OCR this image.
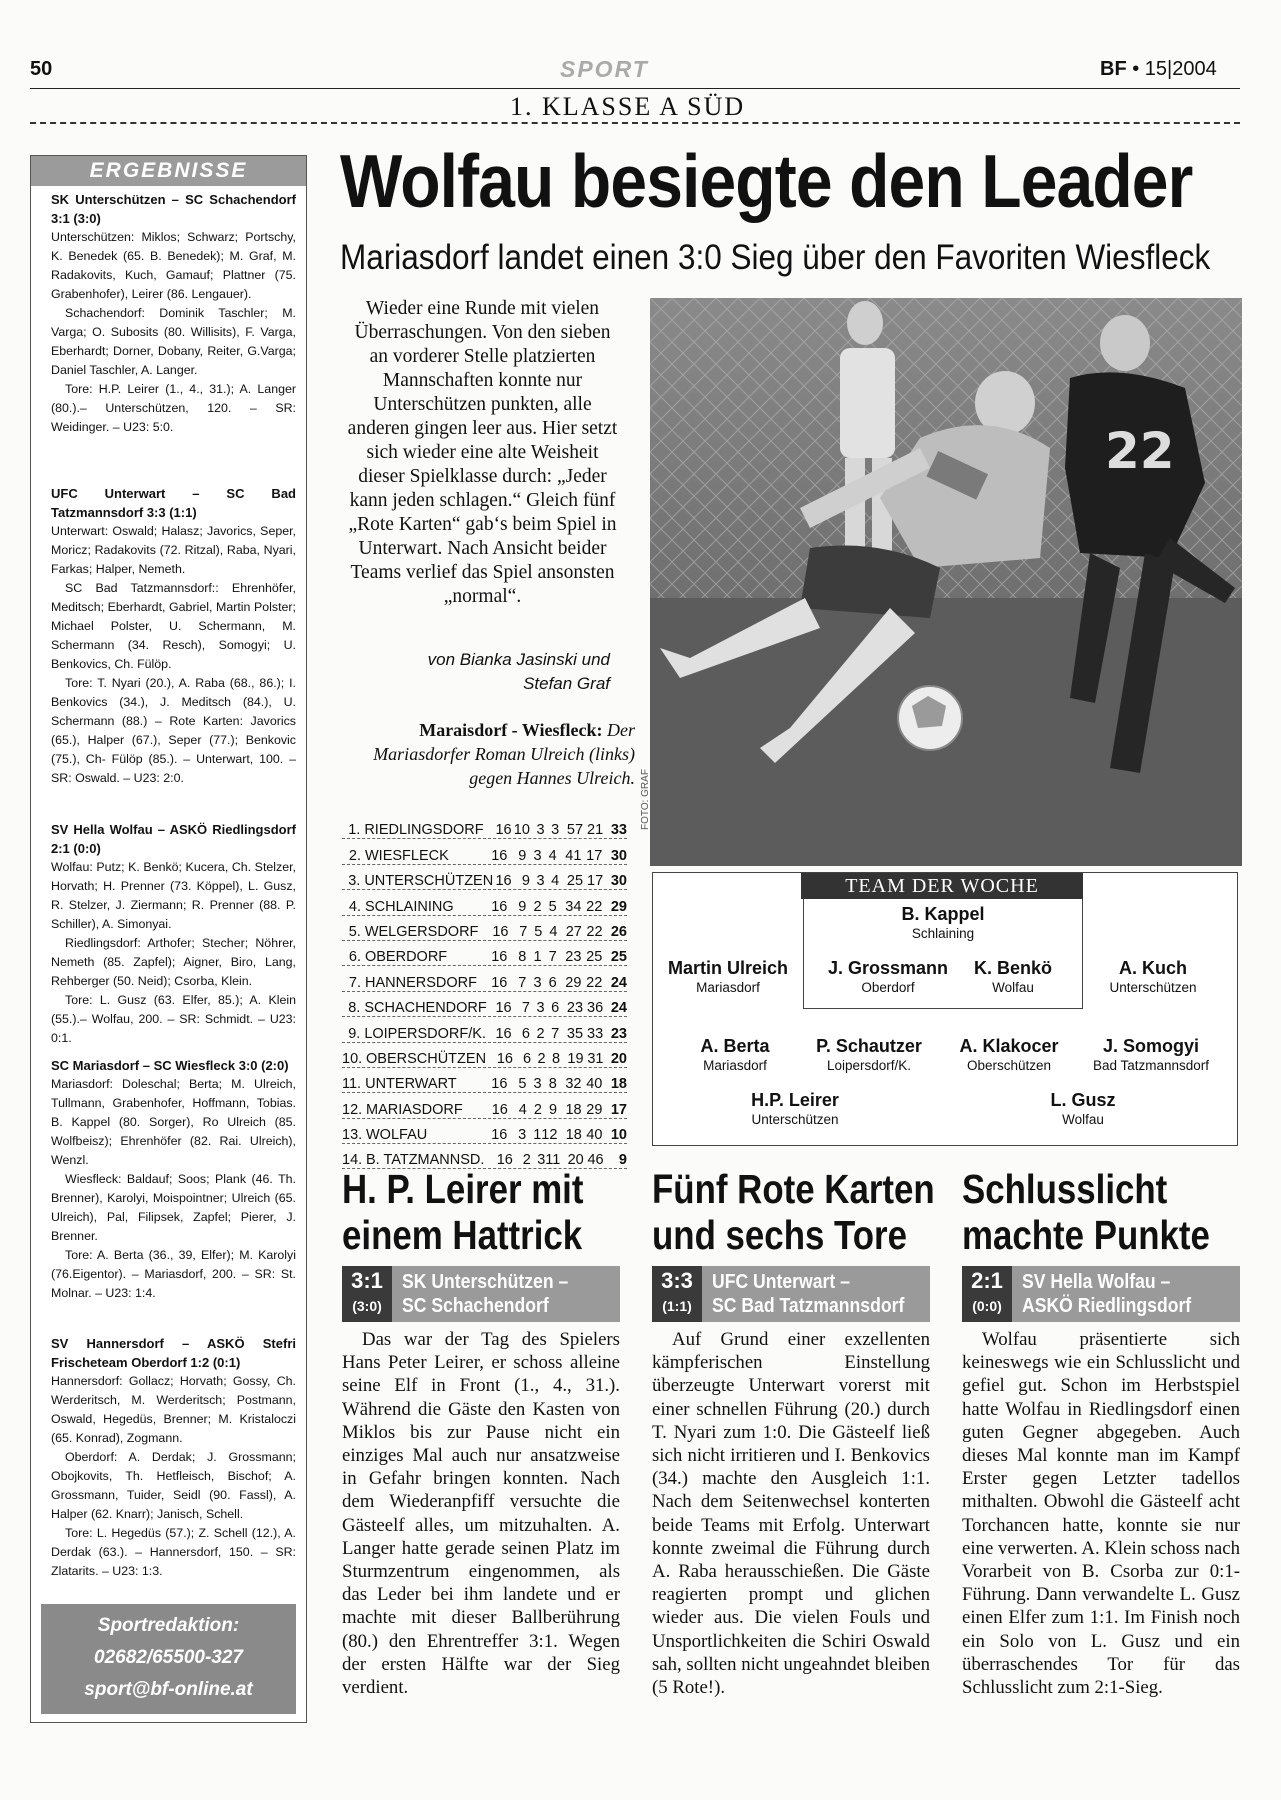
50	SPORT	BF • 15|2004
1. KLASSE A SÜD
ERGEBNISSE
SK Unterschützen – SC Schachendorf 3:1 (3:0)
Unterschützen: Miklos; Schwarz; Portschy, K. Benedek (65. B. Benedek); M. Graf, M. Radakovits, Kuch, Gamauf; Plattner (75. Grabenhofer), Leirer (86. Lengauer).
Schachendorf: Dominik Taschler; M. Varga; O. Subosits (80. Willisits), F. Varga, Eberhardt; Dorner, Dobany, Reiter, G.Varga; Daniel Taschler, A. Langer.
Tore: H.P. Leirer (1., 4., 31.); A. Langer (80.).– Unterschützen, 120. – SR: Weidinger. – U23: 5:0.
UFC Unterwart – SC Bad Tatzmannsdorf 3:3 (1:1)
Unterwart: Oswald; Halasz; Javorics, Seper, Moricz; Radakovits (72. Ritzal), Raba, Nyari, Farkas; Halper, Nemeth.
SC Bad Tatzmannsdorf:: Ehrenhöfer, Meditsch; Eberhardt, Gabriel, Martin Polster; Michael Polster, U. Schermann, M. Schermann (34. Resch), Somogyi; U. Benkovics, Ch. Fülöp.
Tore: T. Nyari (20.), A. Raba (68., 86.); I. Benkovics (34.), J. Meditsch (84.), U. Schermann (88.) – Rote Karten: Javorics (65.), Halper (67.), Seper (77.); Benkovic (75.), Ch- Fülöp (85.). – Unterwart, 100. – SR: Oswald. – U23: 2:0.
SV Hella Wolfau – ASKÖ Riedlingsdorf 2:1 (0:0)
Wolfau: Putz; K. Benkö; Kucera, Ch. Stelzer, Horvath; H. Prenner (73. Köppel), L. Gusz, R. Stelzer, J. Ziermann; R. Prenner (88. P. Schiller), A. Simonyai.
Riedlingsdorf: Arthofer; Stecher; Nöhrer, Nemeth (85. Zapfel); Aigner, Biro, Lang, Rehberger (50. Neid); Csorba, Klein.
Tore: L. Gusz (63. Elfer, 85.); A. Klein (55.).– Wolfau, 200. – SR: Schmidt. – U23: 0:1.
SC Mariasdorf – SC Wiesfleck 3:0 (2:0)
Mariasdorf: Doleschal; Berta; M. Ulreich, Tullmann, Grabenhofer, Hoffmann, Tobias. B. Kappel (80. Sorger), Ro Ulreich (85. Wolfbeisz); Ehrenhöfer (82. Rai. Ulreich), Wenzl.
Wiesfleck: Baldauf; Soos; Plank (46. Th. Brenner), Karolyi, Moispointner; Ulreich (65. Ulreich), Pal, Filipsek, Zapfel; Pierer, J. Brenner.
Tore: A. Berta (36., 39, Elfer); M. Karolyi (76.Eigentor). – Mariasdorf, 200. – SR: St. Molnar. – U23: 1:4.
SV Hannersdorf – ASKÖ Stefri Frischeteam Oberdorf 1:2 (0:1)
Hannersdorf: Gollacz; Horvath; Gossy, Ch. Werderitsch, M. Werderitsch; Postmann, Oswald, Hegedüs, Brenner; M. Kristaloczi (65. Konrad), Zogmann.
Oberdorf: A. Derdak; J. Grossmann; Obojkovits, Th. Hetfleisch, Bischof; A. Grossmann, Tuider, Seidl (90. Fassl), A. Halper (62. Knarr); Janisch, Schell.
Tore: L. Hegedüs (57.); Z. Schell (12.), A. Derdak (63.). – Hannersdorf, 150. – SR: Zlatarits. – U23: 1:3.
Sportredaktion:
02682/65500-327
sport@bf-online.at
Wolfau besiegte den Leader
Mariasdorf landet einen 3:0 Sieg über den Favoriten Wiesfleck
Wieder eine Runde mit vielen Überraschungen. Von den sieben an vorderer Stelle platzierten Mannschaften konnte nur Unterschützen punkten, alle anderen gingen leer aus. Hier setzt sich wieder eine alte Weisheit dieser Spielklasse durch: „Jeder kann jeden schlagen.“ Gleich fünf „Rote Karten“ gab‘s beim Spiel in Unterwart. Nach Ansicht beider Teams verlief das Spiel ansonsten „normal“.
von Bianka Jasinski und
Stefan Graf
Maraisdorf - Wiesfleck: Der Mariasdorfer Roman Ulreich (links) gegen Hannes Ulreich.
22
FOTO: GRAF
1. RIEDLINGSDORF 16 10 3 3 57 21 33
2. WIESFLECK	16 9 3 4 41 17 30
3. UNTERSCHÜTZEN 16 9 3 4 25 17 30
4. SCHLAINING	16 9 2 5 34 22 29
5. WELGERSDORF 16 7 5 4 27 22 26
6. OBERDORF	16 8 1 7 23 25 25
7. HANNERSDORF 16 7 3 6 29 22 24
8. SCHACHENDORF 16 7 3 6 23 36 24
9. LOIPERSDORF/K. 16 6 2 7 35 33 23
10. OBERSCHÜTZEN 16 6 2 8 19 31 20
11. UNTERWART	16 5 3 8 32 40 18
12. MARIASDORF	16 4 2 9 18 29 17
13. WOLFAU	16 3 1 12 18 40 10
14. B. TATZMANNSD. 16 2 3 11 20 46	9
TEAM DER WOCHE
B. Kappel
Schlaining
Martin Ulreich
Mariasdorf
J. Grossmann
Oberdorf
K. Benkö
Wolfau
A. Kuch
Unterschützen
A. Berta
Mariasdorf
P. Schautzer
Loipersdorf/K.
A. Klakocer
Oberschützen
J. Somogyi
Bad Tatzmannsdorf
H.P. Leirer
Unterschützen
L. Gusz
Wolfau
H. P. Leirer mit
einem Hattrick
3:1
(3:0)
SK Unterschützen –
SC Schachendorf
Das war der Tag des Spielers Hans Peter Leirer, er schoss alleine seine Elf in Front (1., 4., 31.). Während die Gäste den Kasten von Miklos bis zur Pause nicht ein einziges Mal auch nur ansatzweise in Gefahr bringen konnten. Nach dem Wiederanpfiff versuchte die Gästeelf alles, um mitzuhalten. A. Langer hatte gerade seinen Platz im Sturmzentrum eingenommen, als das Leder bei ihm landete und er machte mit dieser Ballberührung (80.) den Ehrentreffer 3:1. Wegen der ersten Hälfte war der Sieg verdient.
Fünf Rote Karten
und sechs Tore
3:3
(1:1)
UFC Unterwart –
SC Bad Tatzmannsdorf
Auf Grund einer exzellenten kämpferischen Einstellung überzeugte Unterwart vorerst mit einer schnellen Führung (20.) durch T. Nyari zum 1:0. Die Gästeelf ließ sich nicht irritieren und I. Benkovics (34.) machte den Ausgleich 1:1. Nach dem Seitenwechsel konterten beide Teams mit Erfolg. Unterwart konnte zweimal die Führung durch A. Raba herausschießen. Die Gäste reagierten prompt und glichen wieder aus. Die vielen Fouls und Unsportlichkeiten die Schiri Oswald sah, sollten nicht ungeahndet bleiben (5 Rote!).
Schlusslicht
machte Punkte
2:1
(0:0)
SV Hella Wolfau –
ASKÖ Riedlingsdorf
Wolfau präsentierte sich keineswegs wie ein Schlusslicht und gefiel gut. Schon im Herbstspiel hatte Wolfau in Riedlingsdorf einen guten Gegner abgegeben. Auch dieses Mal konnte man im Kampf Erster gegen Letzter tadellos mithalten. Obwohl die Gästeelf acht Torchancen hatte, konnte sie nur eine verwerten. A. Klein schoss nach Vorarbeit von B. Csorba zur 0:1-Führung. Dann verwandelte L. Gusz einen Elfer zum 1:1. Im Finish noch ein Solo von L. Gusz und ein überraschendes Tor für das Schlusslicht zum 2:1-Sieg.
